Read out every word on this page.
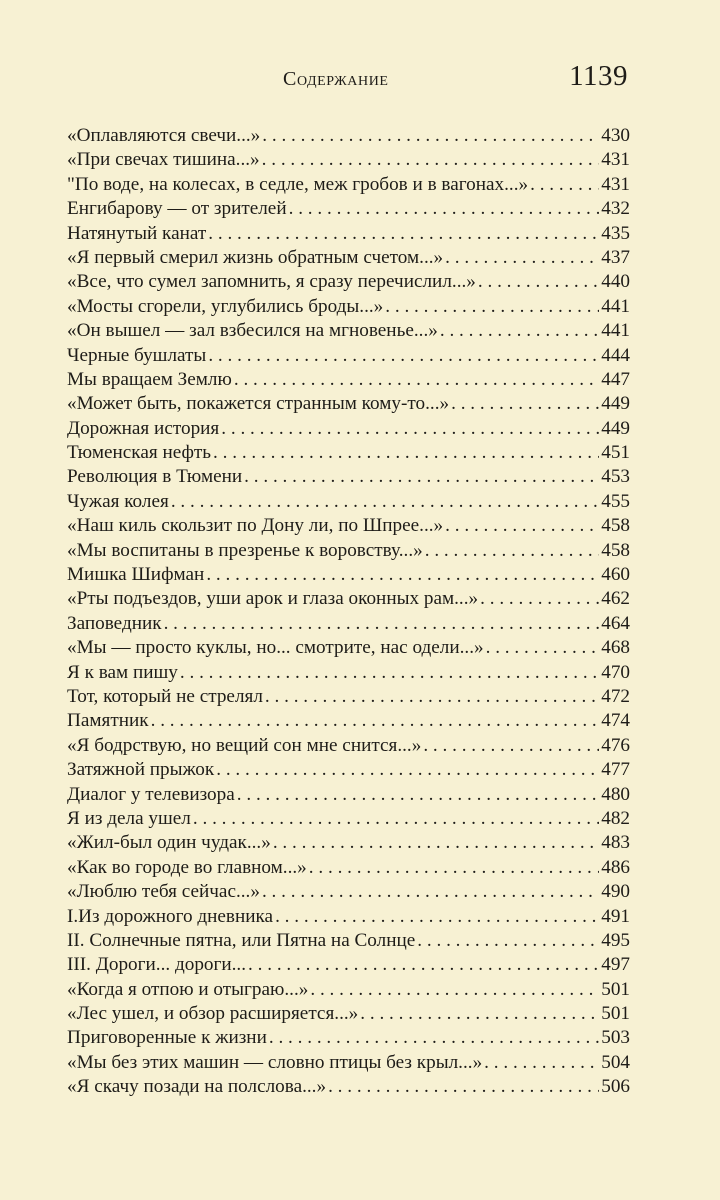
Содержание	1139
«Оплавляются свечи...» . . .	430
«При свечах тишина...» . . .	431
"По воде, на колесах, в седле, меж гробов и в вагонах...» . . .	431
Енгибарову — от зрителей . . .	432
Натянутый канат . . .	435
«Я первый смерил жизнь обратным счетом...» . . .	437
«Все, что сумел запомнить, я сразу перечислил...» . . .	440
«Мосты сгорели, углубились броды...» . . .	441
«Он вышел — зал взбесился на мгновенье...» . . .	441
Черные бушлаты . . .	444
Мы вращаем Землю . . .	447
«Может быть, покажется странным кому-то...» . . .	449
Дорожная история . . .	449
Тюменская нефть . . .	451
Революция в Тюмени . . .	453
Чужая колея . . .	455
«Наш киль скользит по Дону ли, по Шпрее...» . . .	458
«Мы воспитаны в презренье к воровству...» . . .	458
Мишка Шифман . . .	460
«Рты подъездов, уши арок и глаза оконных рам...» . . .	462
Заповедник . . .	464
«Мы — просто куклы, но... смотрите, нас одели...» . . .	468
Я к вам пишу . . .	470
Тот, который не стрелял . . .	472
Памятник . . .	474
«Я бодрствую, но вещий сон мне снится...» . . .	476
Затяжной прыжок . . .	477
Диалог у телевизора . . .	480
Я из дела ушел . . .	482
«Жил-был один чудак...» . . .	483
«Как во городе во главном...» . . .	486
«Люблю тебя сейчас...» . . .	490
I.Из дорожного дневника . . .	491
II. Солнечные пятна, или Пятна на Солнце . . .	495
III. Дороги... дороги... . . .	497
«Когда я отпою и отыграю...» . . .	501
«Лес ушел, и обзор расширяется...» . . .	501
Приговоренные к жизни . . .	503
«Мы без этих машин — словно птицы без крыл...» . . .	504
«Я скачу позади на полслова...» . . .	506
